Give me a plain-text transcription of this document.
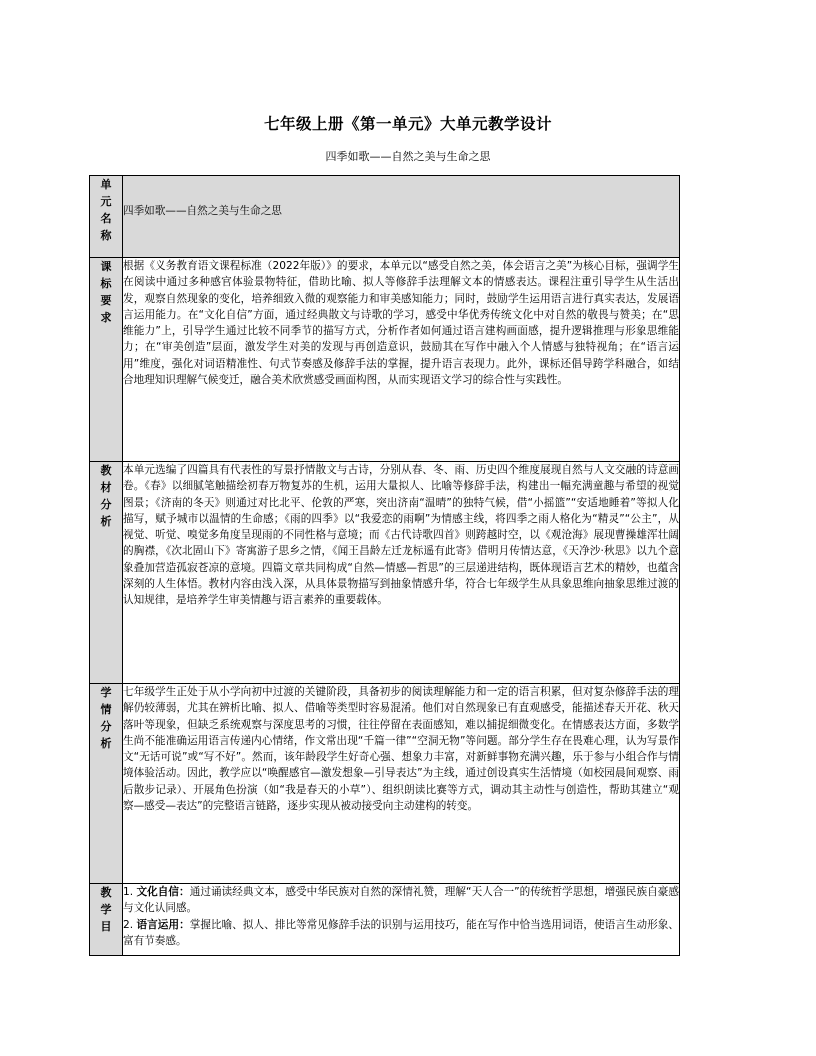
七年级上册《第一单元》大单元教学设计
四季如歌——自然之美与生命之思
单元名称	四季如歌——自然之美与生命之思

课标要求	根据《义务教育语文课程标准（2022年版）》的要求，本单元以“感受自然之美，体会语言之美”为核心目标，强调学生在阅读中通过多种感官体验景物特征，借助比喻、拟人等修辞手法理解文本的情感表达。课程注重引导学生从生活出发，观察自然现象的变化，培养细致入微的观察能力和审美感知能力；同时，鼓励学生运用语言进行真实表达，发展语言运用能力。在“文化自信”方面，通过经典散文与诗歌的学习，感受中华优秀传统文化中对自然的敬畏与赞美；在“思维能力”上，引导学生通过比较不同季节的描写方式，分析作者如何通过语言建构画面感，提升逻辑推理与形象思维能力；在“审美创造”层面，激发学生对美的发现与再创造意识，鼓励其在写作中融入个人情感与独特视角；在“语言运用”维度，强化对词语精准性、句式节奏感及修辞手法的掌握，提升语言表现力。此外，课标还倡导跨学科融合，如结合地理知识理解气候变迁，融合美术欣赏感受画面构图，从而实现语文学习的综合性与实践性。

教材分析	本单元选编了四篇具有代表性的写景抒情散文与古诗，分别从春、冬、雨、历史四个维度展现自然与人文交融的诗意画卷。《春》以细腻笔触描绘初春万物复苏的生机，运用大量拟人、比喻等修辞手法，构建出一幅充满童趣与希望的视觉图景；《济南的冬天》则通过对比北平、伦敦的严寒，突出济南“温晴”的独特气候，借“小摇篮”“安适地睡着”等拟人化描写，赋予城市以温情的生命感；《雨的四季》以“我爱恋的雨啊”为情感主线，将四季之雨人格化为“精灵”“公主”，从视觉、听觉、嗅觉多角度呈现雨的不同性格与意境；而《古代诗歌四首》则跨越时空，以《观沧海》展现曹操雄浑壮阔的胸襟，《次北固山下》寄寓游子思乡之情，《闻王昌龄左迁龙标遥有此寄》借明月传情达意，《天净沙·秋思》以九个意象叠加营造孤寂苍凉的意境。四篇文章共同构成“自然—情感—哲思”的三层递进结构，既体现语言艺术的精妙，也蕴含深刻的人生体悟。教材内容由浅入深，从具体景物描写到抽象情感升华，符合七年级学生从具象思维向抽象思维过渡的认知规律，是培养学生审美情趣与语言素养的重要载体。

学情分析	七年级学生正处于从小学向初中过渡的关键阶段，具备初步的阅读理解能力和一定的语言积累，但对复杂修辞手法的理解仍较薄弱，尤其在辨析比喻、拟人、借喻等类型时容易混淆。他们对自然现象已有直观感受，能描述春天开花、秋天落叶等现象，但缺乏系统观察与深度思考的习惯，往往停留在表面感知，难以捕捉细微变化。在情感表达方面，多数学生尚不能准确运用语言传递内心情绪，作文常出现“千篇一律”“空洞无物”等问题。部分学生存在畏难心理，认为写景作文“无话可说”或“写不好”。然而，该年龄段学生好奇心强、想象力丰富，对新鲜事物充满兴趣，乐于参与小组合作与情境体验活动。因此，教学应以“唤醒感官—激发想象—引导表达”为主线，通过创设真实生活情境（如校园晨间观察、雨后散步记录）、开展角色扮演（如“我是春天的小草”）、组织朗读比赛等方式，调动其主动性与创造性，帮助其建立“观察—感受—表达”的完整语言链路，逐步实现从被动接受向主动建构的转变。

教学目	1. 文化自信：通过诵读经典文本，感受中华民族对自然的深情礼赞，理解“天人合一”的传统哲学思想，增强民族自豪感与文化认同感。
2. 语言运用：掌握比喻、拟人、排比等常见修辞手法的识别与运用技巧，能在写作中恰当选用词语，使语言生动形象、富有节奏感。
